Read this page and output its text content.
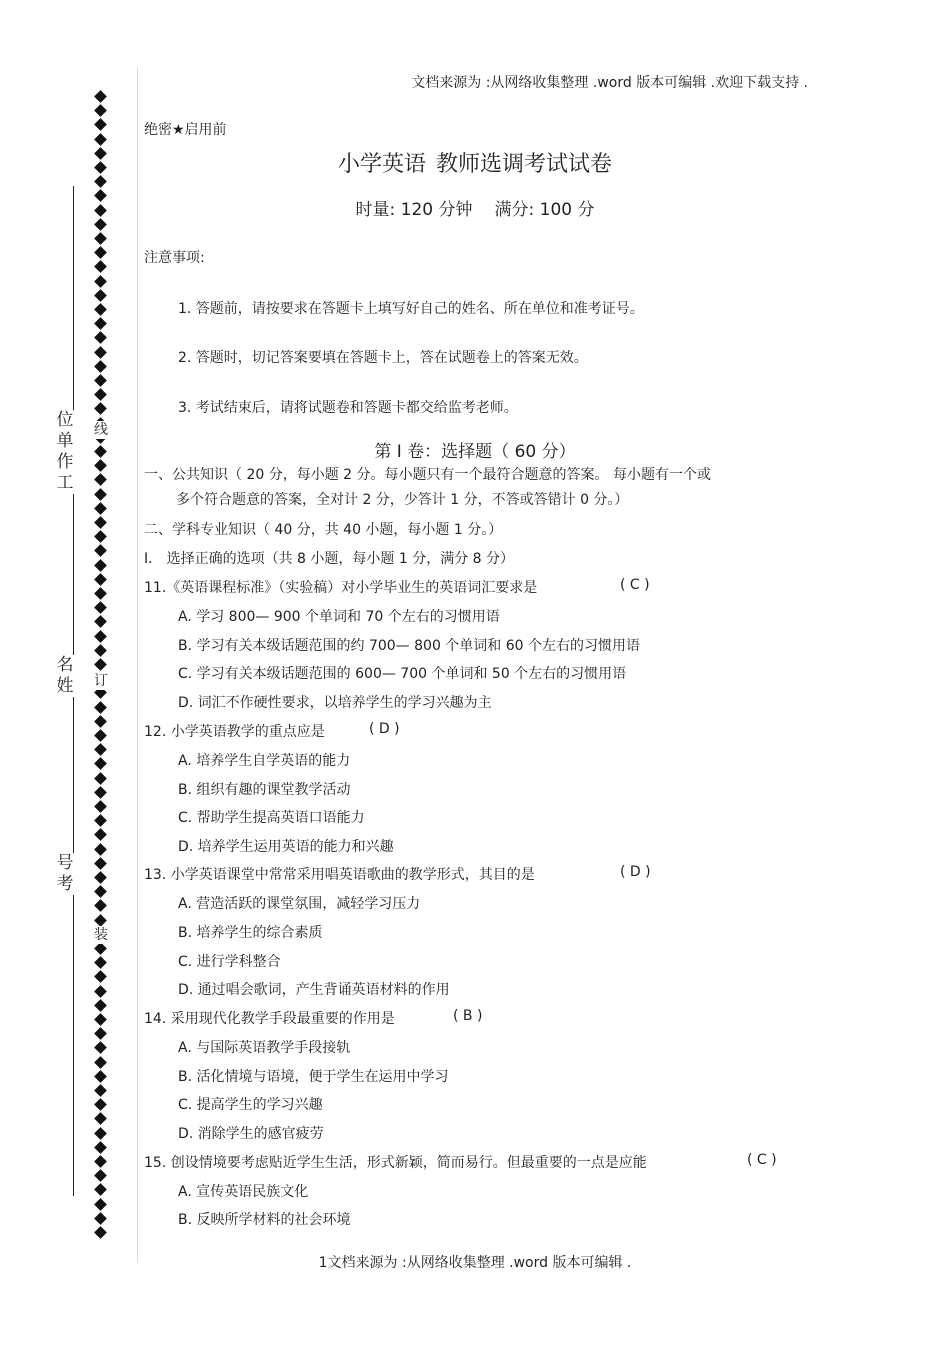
文档来源为 :从网络收集整理 .word 版本可编辑 .欢迎下载支持 .
线
订
装
位单作工
名姓
号考
绝密★启用前
小学英语 教师选调考试试卷
时量: 120 分钟 满分: 100 分
注意事项:
1. 答题前，请按要求在答题卡上填写好自己的姓名、所在单位和准考证号。
2. 答题时，切记答案要填在答题卡上，答在试题卷上的答案无效。
3. 考试结束后，请将试题卷和答题卡都交给监考老师。
第 I 卷：选择题（ 60 分）
一、公共知识（ 20 分，每小题 2 分。每小题只有一个最符合题意的答案。 每小题有一个或
多个符合题意的答案，全对计 2 分，少答计 1 分，不答或答错计 0 分。）
二、学科专业知识（ 40 分，共 40 小题，每小题 1 分。）
Ⅰ． 选择正确的选项（共 8 小题，每小题 1 分，满分 8 分）
11.《英语课程标准》（实验稿）对小学毕业生的英语词汇要求是	( C )
A. 学习 800— 900 个单词和 70 个左右的习惯用语
B. 学习有关本级话题范围的约 700— 800 个单词和 60 个左右的习惯用语
C. 学习有关本级话题范围的 600— 700 个单词和 50 个左右的习惯用语
D. 词汇不作硬性要求，以培养学生的学习兴趣为主
12. 小学英语教学的重点应是	( D )
A. 培养学生自学英语的能力
B. 组织有趣的课堂教学活动
C. 帮助学生提高英语口语能力
D. 培养学生运用英语的能力和兴趣
13. 小学英语课堂中常常采用唱英语歌曲的教学形式，其目的是	( D )
A. 营造活跃的课堂氛围，减轻学习压力
B. 培养学生的综合素质
C. 进行学科整合
D. 通过唱会歌词，产生背诵英语材料的作用
14. 采用现代化教学手段最重要的作用是	( B )
A. 与国际英语教学手段接轨
B. 活化情境与语境，便于学生在运用中学习
C. 提高学生的学习兴趣
D. 消除学生的感官疲劳
15. 创设情境要考虑贴近学生生活，形式新颖，简而易行。但最重要的一点是应能	( C )
A. 宣传英语民族文化
B. 反映所学材料的社会环境
1文档来源为 :从网络收集整理 .word 版本可编辑 .
